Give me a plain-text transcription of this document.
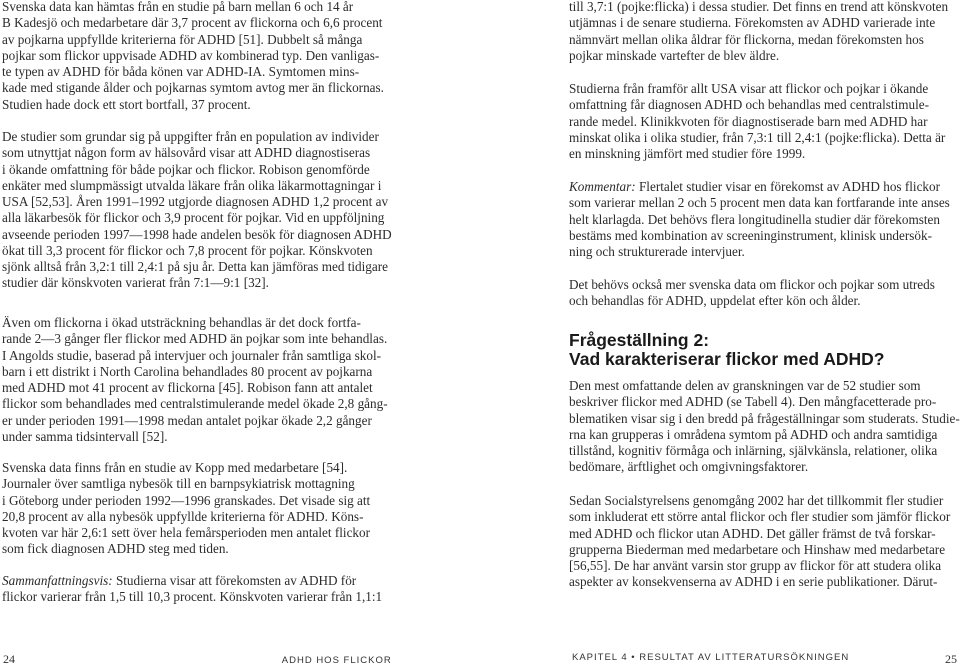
Svenska data kan hämtas från en studie på barn mellan 6 och 14 år
B Kadesjö och medarbetare där 3,7 procent av flickorna och 6,6 procent
av pojkarna uppfyllde kriterierna för ADHD [51]. Dubbelt så många
pojkar som flickor uppvisade ADHD av kombinerad typ. Den vanligas-
te typen av ADHD för båda könen var ADHD-IA. Symtomen mins-
kade med stigande ålder och pojkarnas symtom avtog mer än flickornas.
Studien hade dock ett stort bortfall, 37 procent.

De studier som grundar sig på uppgifter från en population av individer
som utnyttjat någon form av hälsovård visar att ADHD diagnostiseras
i ökande omfattning för både pojkar och flickor. Robison genomförde
enkäter med slumpmässigt utvalda läkare från olika läkarmottagningar i
USA [52,53]. Åren 1991–1992 utgjorde diagnosen ADHD 1,2 procent av
alla läkarbesök för flickor och 3,9 procent för pojkar. Vid en uppföljning
avseende perioden 1997—1998 hade andelen besök för diagnosen ADHD
ökat till 3,3 procent för flickor och 7,8 procent för pojkar. Könskvoten
sjönk alltså från 3,2:1 till 2,4:1 på sju år. Detta kan jämföras med tidigare
studier där könskvoten varierat från 7:1—9:1 [32].

Även om flickorna i ökad utsträckning behandlas är det dock fortfa-
rande 2—3 gånger fler flickor med ADHD än pojkar som inte behandlas.
I Angolds studie, baserad på intervjuer och journaler från samtliga skol-
barn i ett distrikt i North Carolina behandlades 80 procent av pojkarna
med ADHD mot 41 procent av flickorna [45]. Robison fann att antalet
flickor som behandlades med centralstimulerande medel ökade 2,8 gång-
er under perioden 1991—1998 medan antalet pojkar ökade 2,2 gånger
under samma tidsintervall [52].

Svenska data finns från en studie av Kopp med medarbetare [54].
Journaler över samtliga nybesök till en barnpsykiatrisk mottagning
i Göteborg under perioden 1992—1996 granskades. Det visade sig att
20,8 procent av alla nybesök uppfyllde kriterierna för ADHD. Köns-
kvoten var här 2,6:1 sett över hela femårsperioden men antalet flickor
som fick diagnosen ADHD steg med tiden.

Sammanfattningsvis: Studierna visar att förekomsten av ADHD för
flickor varierar från 1,5 till 10,3 procent. Könskvoten varierar från 1,1:1

till 3,7:1 (pojke:flicka) i dessa studier. Det finns en trend att könskvoten
utjämnas i de senare studierna. Förekomsten av ADHD varierade inte
nämnvärt mellan olika åldrar för flickorna, medan förekomsten hos
pojkar minskade vartefter de blev äldre.

Studierna från framför allt USA visar att flickor och pojkar i ökande
omfattning får diagnosen ADHD och behandlas med centralstimule-
rande medel. Klinikkvoten för diagnostiserade barn med ADHD har
minskat olika i olika studier, från 7,3:1 till 2,4:1 (pojke:flicka). Detta är
en minskning jämfört med studier före 1999.

Kommentar: Flertalet studier visar en förekomst av ADHD hos flickor
som varierar mellan 2 och 5 procent men data kan fortfarande inte anses
helt klarlagda. Det behövs flera longitudinella studier där förekomsten
bestäms med kombination av screeninginstrument, klinisk undersök-
ning och strukturerade intervjuer.

Det behövs också mer svenska data om flickor och pojkar som utreds
och behandlas för ADHD, uppdelat efter kön och ålder.

Frågeställning 2:
Vad karakteriserar flickor med ADHD?

Den mest omfattande delen av granskningen var de 52 studier som
beskriver flickor med ADHD (se Tabell 4). Den mångfacetterade pro-
blematiken visar sig i den bredd på frågeställningar som studerats. Studie-
rna kan grupperas i områdena symtom på ADHD och andra samtidiga
tillstånd, kognitiv förmåga och inlärning, självkänsla, relationer, olika
bedömare, ärftlighet och omgivningsfaktorer.

Sedan Socialstyrelsens genomgång 2002 har det tillkommit fler studier
som inkluderat ett större antal flickor och fler studier som jämför flickor
med ADHD och flickor utan ADHD. Det gäller främst de två forskar-
grupperna Biederman med medarbetare och Hinshaw med medarbetare
[56,55]. De har använt varsin stor grupp av flickor för att studera olika
aspekter av konsekvenserna av ADHD i en serie publikationer. Därut-

24	ADHD HOS FLICKOR	KAPITEL 4 • RESULTAT AV LITTERATURSÖKNINGEN	25
